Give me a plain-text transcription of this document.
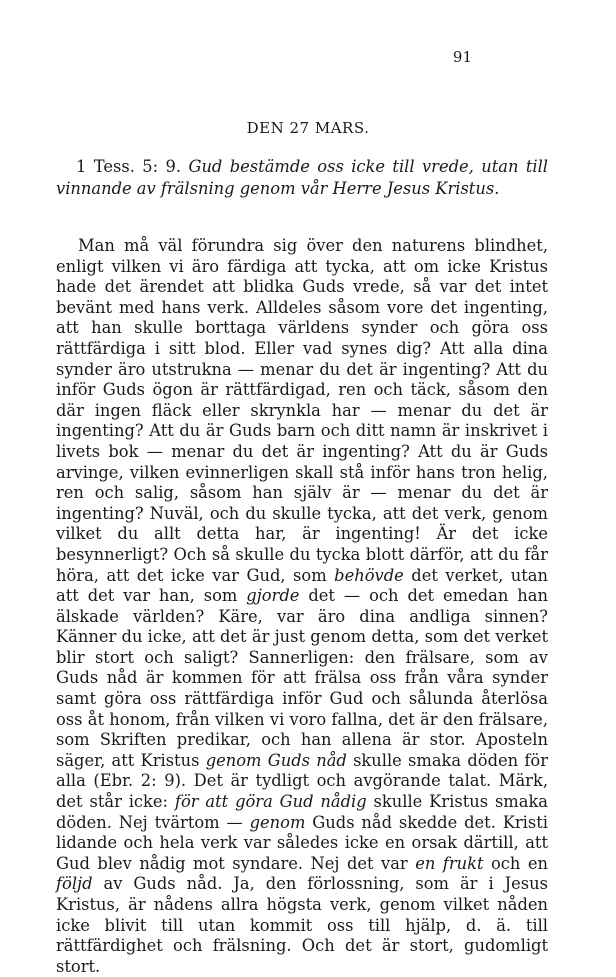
91
DEN 27 MARS.
1 Tess. 5: 9. Gud bestämde oss icke till vrede, utan till vinnande av frälsning genom vår Herre Jesus Kristus.

Man må väl förundra sig över den naturens blindhet, enligt vilken vi äro färdiga att tycka, att om icke Kristus hade det ärendet att blidka Guds vrede, så var det intet bevänt med hans verk. Alldeles såsom vore det ingenting, att han skulle borttaga världens synder och göra oss rättfärdiga i sitt blod. Eller vad synes dig? Att alla dina synder äro utstrukna — menar du det är ingenting? Att du inför Guds ögon är rättfärdigad, ren och täck, såsom den där ingen fläck eller skrynkla har — menar du det är ingenting? Att du är Guds barn och ditt namn är inskrivet i livets bok — menar du det är ingenting? Att du är Guds arvinge, vilken evinnerligen skall stå inför hans tron helig, ren och salig, såsom han själv är — menar du det är ingenting? Nuväl, och du skulle tycka, att det verk, genom vilket du allt detta har, är ingenting! Är det icke besynnerligt? Och så skulle du tycka blott därför, att du får höra, att det icke var Gud, som behövde det verket, utan att det var han, som gjorde det — och det emedan han älskade världen? Käre, var äro dina andliga sinnen? Känner du icke, att det är just genom detta, som det verket blir stort och saligt? Sannerligen: den frälsare, som av Guds nåd är kommen för att frälsa oss från våra synder samt göra oss rättfärdiga inför Gud och sålunda återlösa oss åt honom, från vilken vi voro fallna, det är den frälsare, som Skriften predikar, och han allena är stor. Aposteln säger, att Kristus genom Guds nåd skulle smaka döden för alla (Ebr. 2: 9). Det är tydligt och avgörande talat. Märk, det står icke: för att göra Gud nådig skulle Kristus smaka döden. Nej tvärtom — genom Guds nåd skedde det. Kristi lidande och hela verk var således icke en orsak därtill, att Gud blev nådig mot syndare. Nej det var en frukt och en följd av Guds nåd. Ja, den förlossning, som är i Jesus Kristus, är nådens allra högsta verk, genom vilket nåden icke blivit till utan kommit oss till hjälp, d. ä. till rättfärdighet och frälsning. Och det är stort, gudomligt stort.
